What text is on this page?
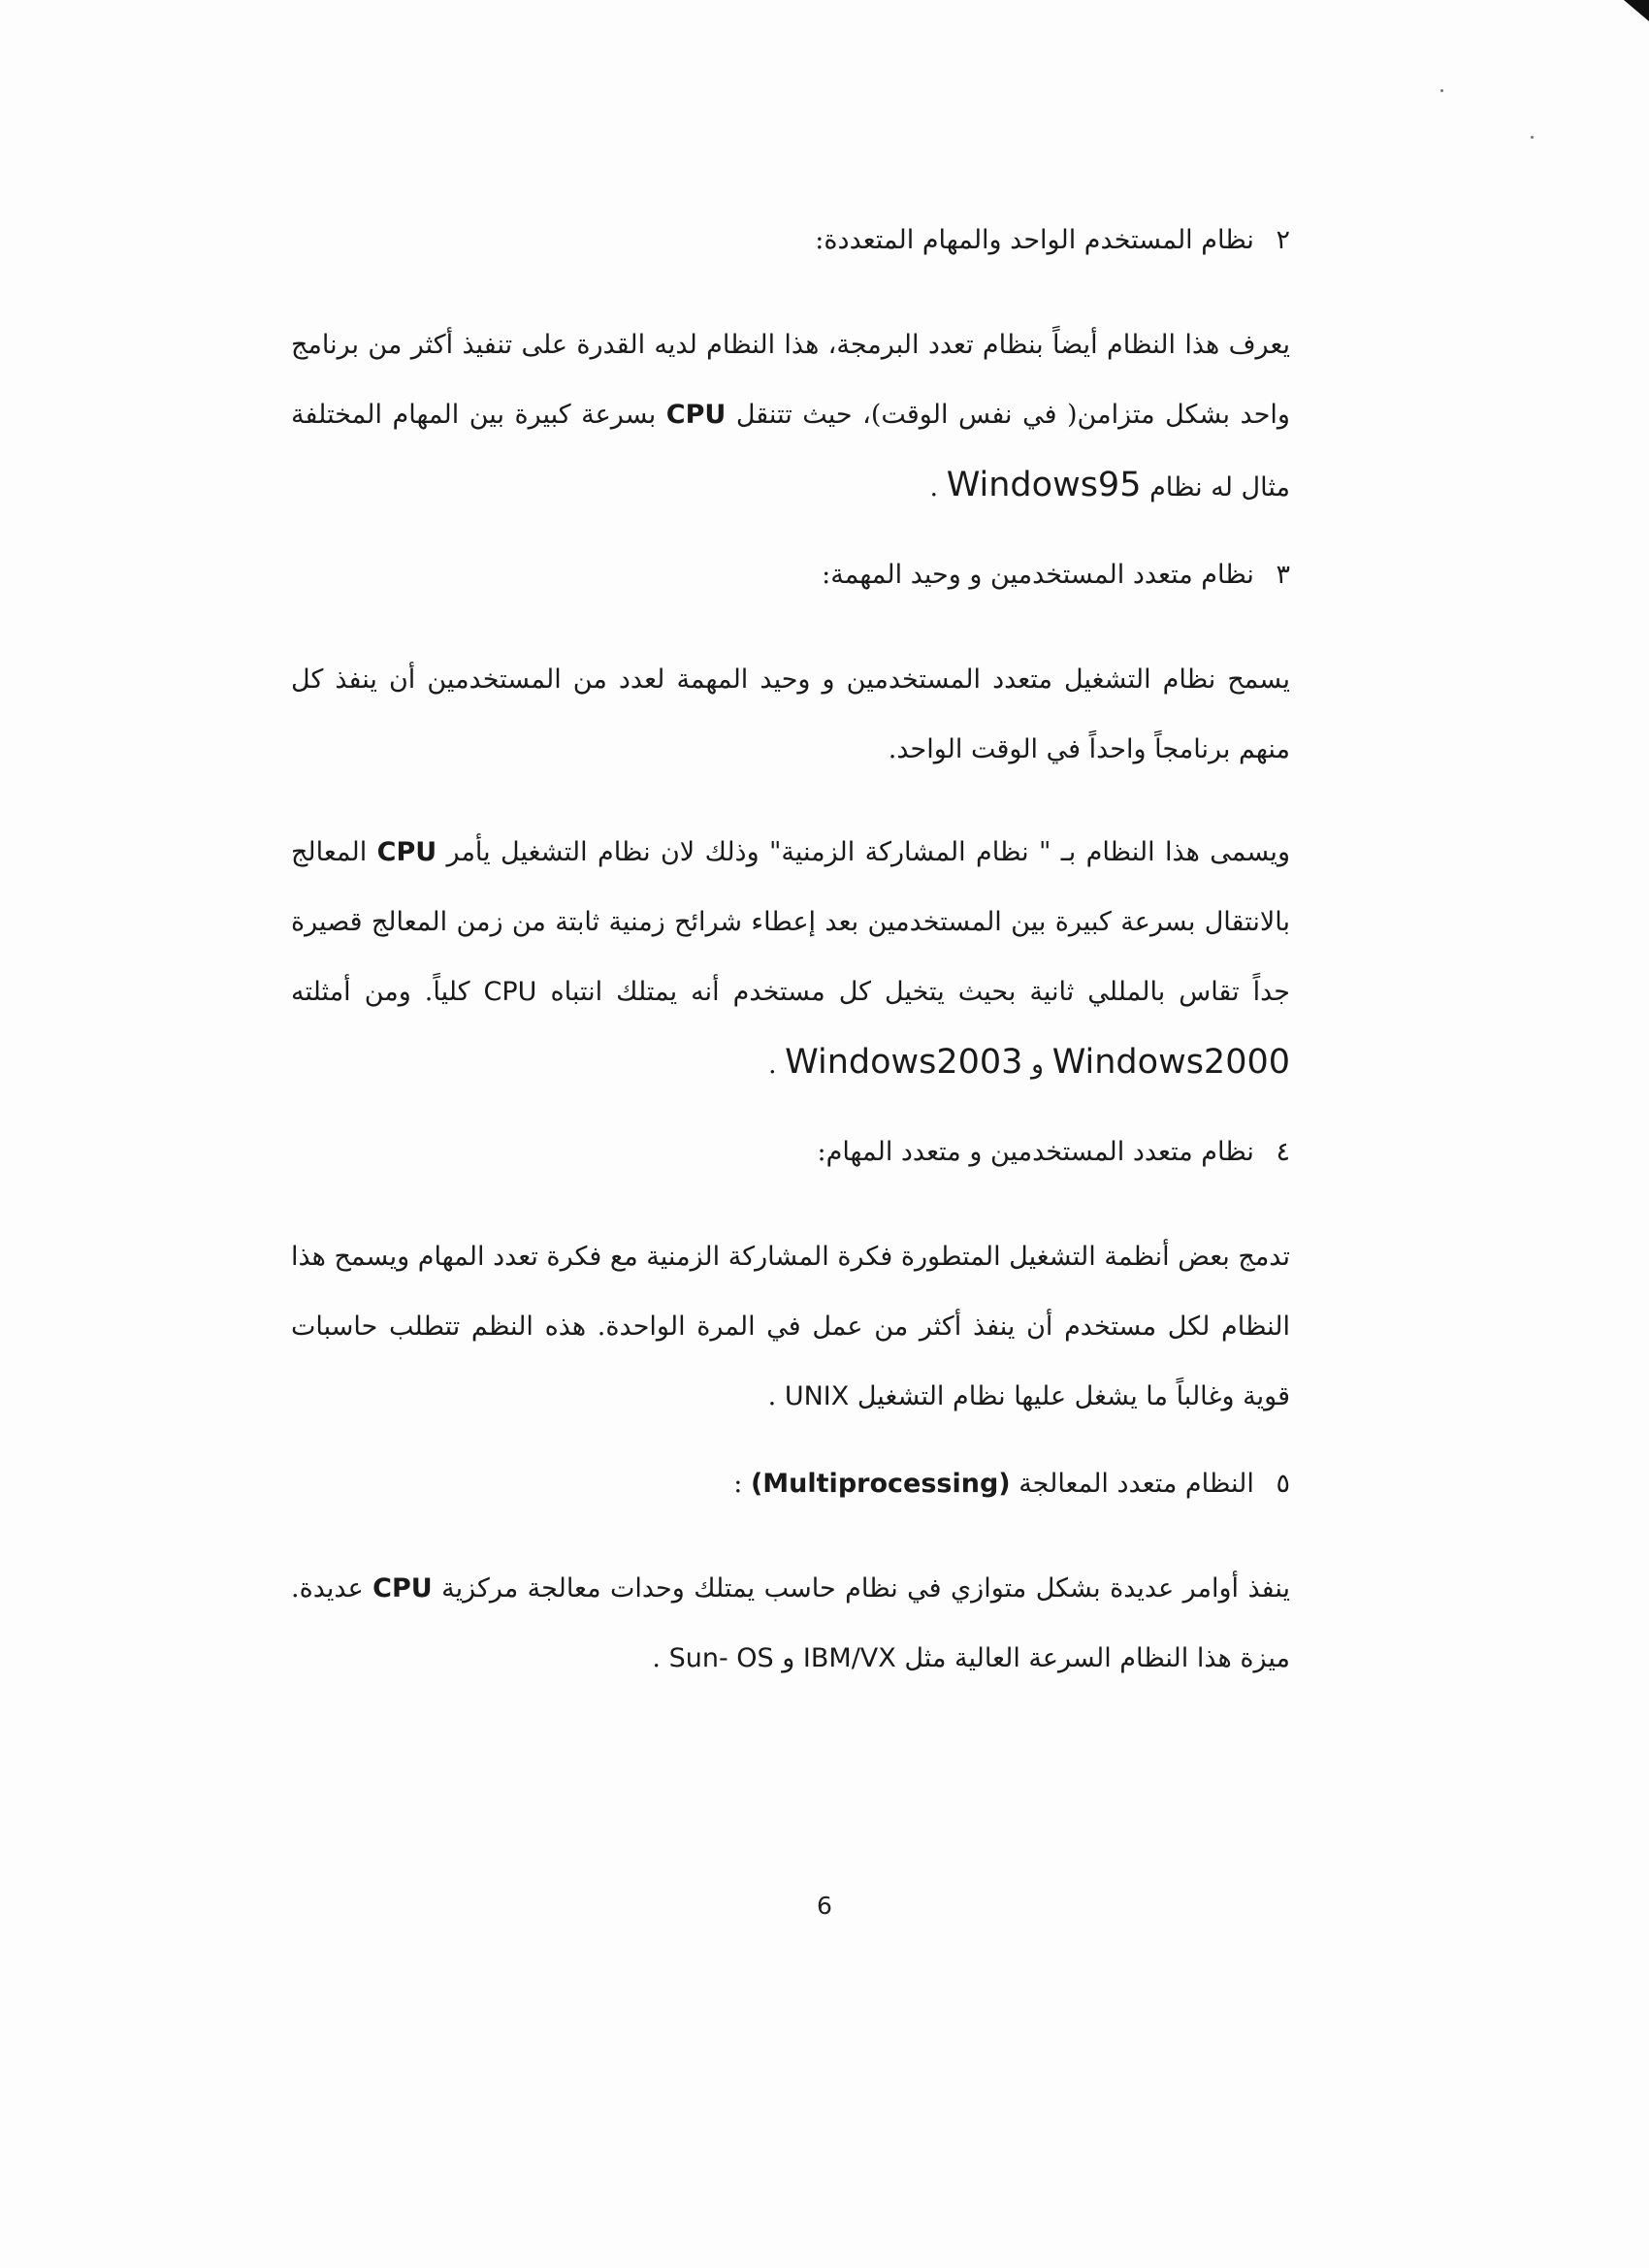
٢ نظام المستخدم الواحد والمهام المتعددة:

يعرف هذا النظام أيضاً بنظام تعدد البرمجة، هذا النظام لديه القدرة على تنفيذ أكثر من برنامج واحد بشكل متزامن( في نفس الوقت)، حيث تتنقل CPU بسرعة كبيرة بين المهام المختلفة مثال له نظام Windows95 .

٣ نظام متعدد المستخدمين و وحيد المهمة:

يسمح نظام التشغيل متعدد المستخدمين و وحيد المهمة لعدد من المستخدمين أن ينفذ كل منهم برنامجاً واحداً في الوقت الواحد.

ويسمى هذا النظام بـ " نظام المشاركة الزمنية" وذلك لان نظام التشغيل يأمر CPU المعالج بالانتقال بسرعة كبيرة بين المستخدمين بعد إعطاء شرائح زمنية ثابتة من زمن المعالج قصيرة جداً تقاس بالمللي ثانية بحيث يتخيل كل مستخدم أنه يمتلك انتباه CPU كلياً. ومن أمثلته Windows2000 و Windows2003 .

٤ نظام متعدد المستخدمين و متعدد المهام:

تدمج بعض أنظمة التشغيل المتطورة فكرة المشاركة الزمنية مع فكرة تعدد المهام ويسمح هذا النظام لكل مستخدم أن ينفذ أكثر من عمل في المرة الواحدة. هذه النظم تتطلب حاسبات قوية وغالباً ما يشغل عليها نظام التشغيل UNIX .

٥ النظام متعدد المعالجة (Multiprocessing) :

ينفذ أوامر عديدة بشكل متوازي في نظام حاسب يمتلك وحدات معالجة مركزية CPU عديدة. ميزة هذا النظام السرعة العالية مثل IBM/VX و Sun- OS .

6
